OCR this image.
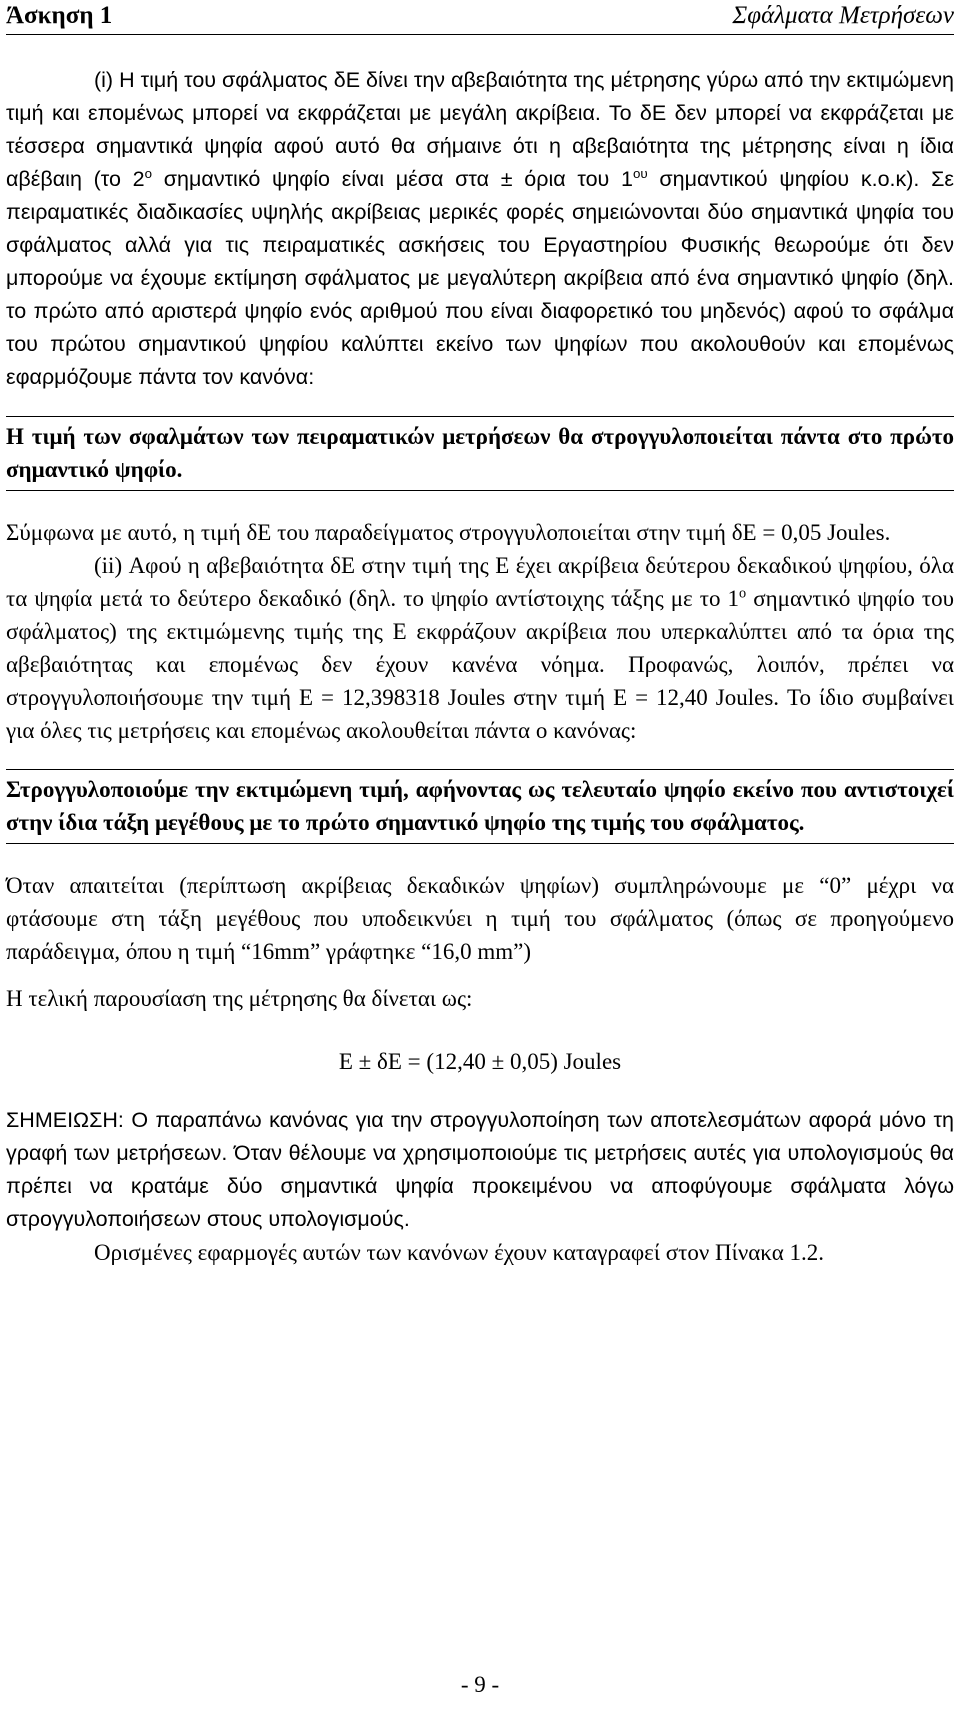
Άσκηση 1	Σφάλματα Μετρήσεων

(i) H τιμή του σφάλματος δE δίνει την αβεβαιότητα της μέτρησης γύρω από την εκτιμώμενη τιμή και επομένως μπορεί να εκφράζεται με μεγάλη ακρίβεια. Το δE δεν μπορεί να εκφράζεται με τέσσερα σημαντικά ψηφία αφού αυτό θα σήμαινε ότι η αβεβαιότητα της μέτρησης είναι η ίδια αβέβαιη (το $2^o$ σημαντικό ψηφίο είναι μέσα στα ± όρια του $1^{o\upsilon}$ σημαντικού ψηφίου κ.ο.κ). Σε πειραματικές διαδικασίες υψηλής ακρίβειας μερικές φορές σημειώνονται δύο σημαντικά ψηφία του σφάλματος αλλά για τις πειραματικές ασκήσεις του Εργαστηρίου Φυσικής θεωρούμε ότι δεν μπορούμε να έχουμε εκτίμηση σφάλματος με μεγαλύτερη ακρίβεια από ένα σημαντικό ψηφίο (δηλ. το πρώτο από αριστερά ψηφίο ενός αριθμού που είναι διαφορετικό του μηδενός) αφού το σφάλμα του πρώτου σημαντικού ψηφίου καλύπτει εκείνο των ψηφίων που ακολουθούν και επομένως εφαρμόζουμε πάντα τον κανόνα:

Η τιμή των σφαλμάτων των πειραματικών μετρήσεων θα στρογγυλοποιείται πάντα στο πρώτο σημαντικό ψηφίο.

Σύμφωνα με αυτό, η τιμή δE του παραδείγματος στρογγυλοποιείται στην τιμή δE = 0,05 Joules.

(ii) Αφού η αβεβαιότητα δE στην τιμή της E έχει ακρίβεια δεύτερου δεκαδικού ψηφίου, όλα τα ψηφία μετά το δεύτερο δεκαδικό (δηλ. το ψηφίο αντίστοιχης τάξης με το $1^o$ σημαντικό ψηφίο του σφάλματος) της εκτιμώμενης τιμής της E εκφράζουν ακρίβεια που υπερκαλύπτει από τα όρια της αβεβαιότητας και επομένως δεν έχουν κανένα νόημα. Προφανώς, λοιπόν, πρέπει να στρογγυλοποιήσουμε την τιμή E = 12,398318 Joules στην τιμή E = 12,40 Joules. Το ίδιο συμβαίνει για όλες τις μετρήσεις και επομένως ακολουθείται πάντα ο κανόνας:

Στρογγυλοποιούμε την εκτιμώμενη τιμή, αφήνοντας ως τελευταίο ψηφίο εκείνο που αντιστοιχεί στην ίδια τάξη μεγέθους με το πρώτο σημαντικό ψηφίο της τιμής του σφάλματος.

Όταν απαιτείται (περίπτωση ακρίβειας δεκαδικών ψηφίων) συμπληρώνουμε με “0” μέχρι να φτάσουμε στη τάξη μεγέθους που υποδεικνύει η τιμή του σφάλματος (όπως σε προηγούμενο παράδειγμα, όπου η τιμή “16mm” γράφτηκε “16,0 mm”)

Η τελική παρουσίαση της μέτρησης θα δίνεται ως:

E ± δE = (12,40 ± 0,05) Joules

ΣΗΜΕΙΩΣΗ: Ο παραπάνω κανόνας για την στρογγυλοποίηση των αποτελεσμάτων αφορά μόνο τη γραφή των μετρήσεων. Όταν θέλουμε να χρησιμοποιούμε τις μετρήσεις αυτές για υπολογισμούς θα πρέπει να κρατάμε δύο σημαντικά ψηφία προκειμένου να αποφύγουμε σφάλματα λόγω στρογγυλοποιήσεων στους υπολογισμούς.

Ορισμένες εφαρμογές αυτών των κανόνων έχουν καταγραφεί στον Πίνακα 1.2.

- 9 -
